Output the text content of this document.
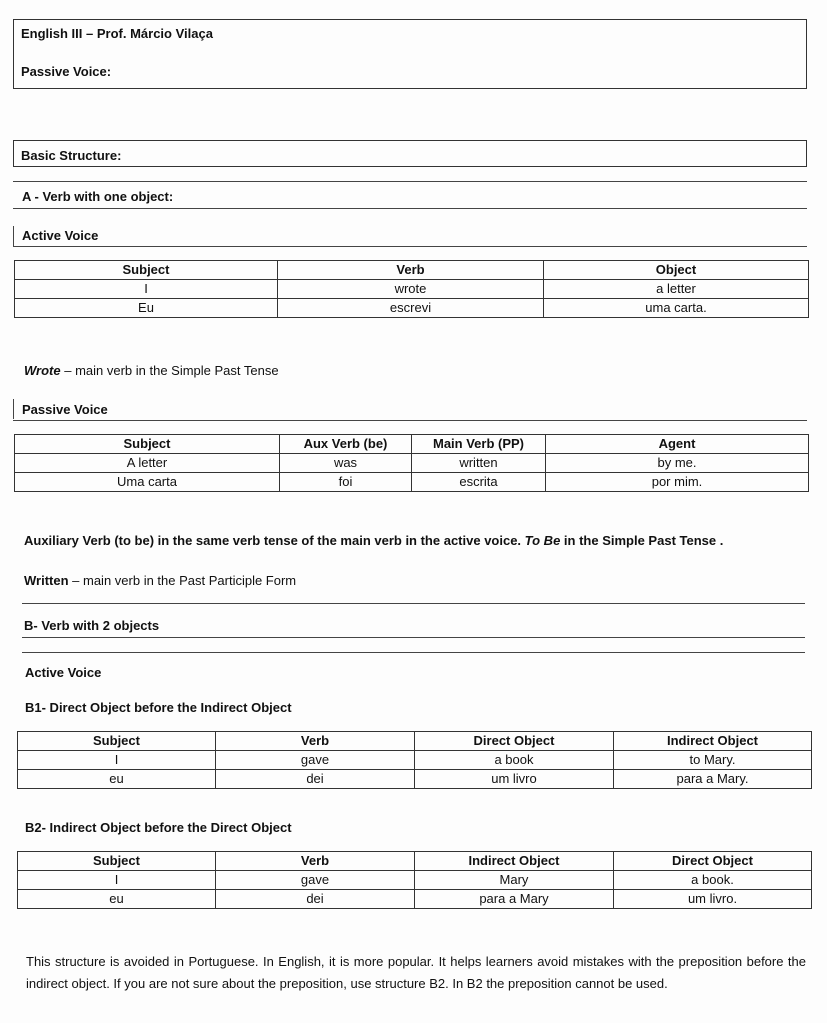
English III – Prof. Márcio Vilaça
Passive Voice:
Basic Structure:
A - Verb with one object:
Active Voice
Subject	Verb	Object
I	wrote	a letter
Eu	escrevi	uma carta.
Wrote – main verb in the Simple Past Tense
Passive Voice
Subject	Aux Verb (be)	Main Verb (PP)	Agent
A letter	was	written	by me.
Uma carta	foi	escrita	por mim.
Auxiliary Verb (to be) in the same verb tense of the main verb in the active voice. To Be in the Simple Past Tense .
Written – main verb in the Past Participle Form
B- Verb with 2 objects
Active Voice
B1- Direct Object before the Indirect Object
Subject	Verb	Direct Object	Indirect Object
I	gave	a book	to Mary.
eu	dei	um livro	para a Mary.
B2- Indirect Object before the Direct Object
Subject	Verb	Indirect Object	Direct Object
I	gave	Mary	a book.
eu	dei	para a Mary	um livro.
This structure is avoided in Portuguese. In English, it is more popular. It helps learners avoid mistakes with the preposition before the indirect object. If you are not sure about the preposition, use structure B2. In B2 the preposition cannot be used.
